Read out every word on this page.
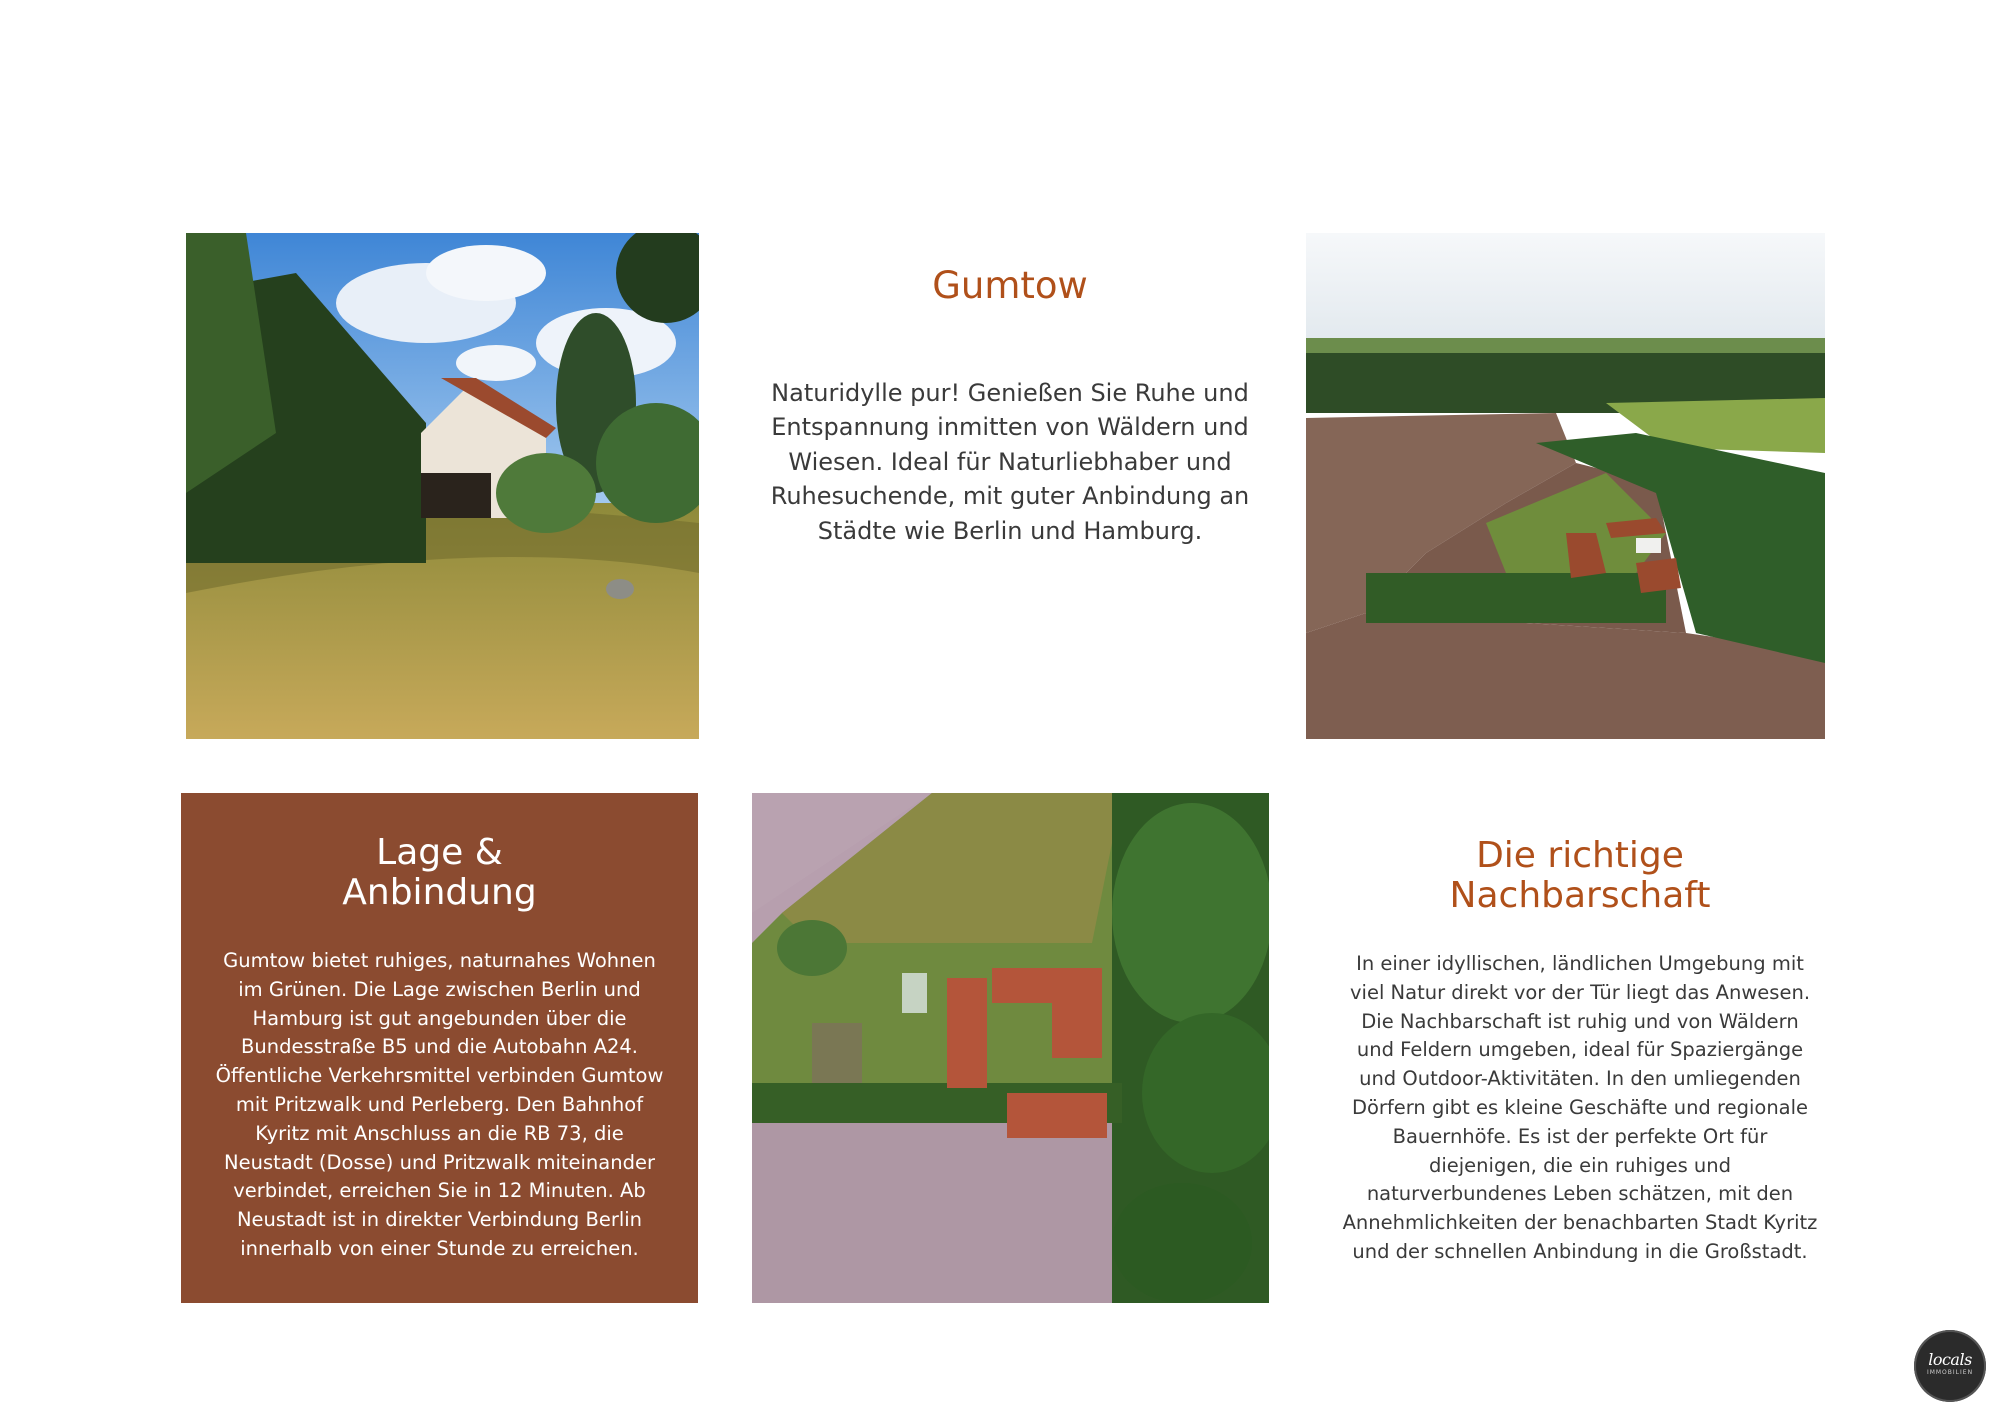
Gumtow

Naturidylle pur! Genießen Sie Ruhe und Entspannung inmitten von Wäldern und Wiesen. Ideal für Naturliebhaber und Ruhesuchende, mit guter Anbindung an Städte wie Berlin und Hamburg.

Lage &
Anbindung

Gumtow bietet ruhiges, naturnahes Wohnen im Grünen. Die Lage zwischen Berlin und Hamburg ist gut angebunden über die Bundesstraße B5 und die Autobahn A24. Öffentliche Verkehrsmittel verbinden Gumtow mit Pritzwalk und Perleberg. Den Bahnhof Kyritz mit Anschluss an die RB 73, die Neustadt (Dosse) und Pritzwalk miteinander verbindet, erreichen Sie in 12 Minuten. Ab Neustadt ist in direkter Verbindung Berlin innerhalb von einer Stunde zu erreichen.

Die richtige
Nachbarschaft

In einer idyllischen, ländlichen Umgebung mit viel Natur direkt vor der Tür liegt das Anwesen. Die Nachbarschaft ist ruhig und von Wäldern und Feldern umgeben, ideal für Spaziergänge und Outdoor-Aktivitäten. In den umliegenden Dörfern gibt es kleine Geschäfte und regionale Bauernhöfe. Es ist der perfekte Ort für diejenigen, die ein ruhiges und naturverbundenes Leben schätzen, mit den Annehmlichkeiten der benachbarten Stadt Kyritz und der schnellen Anbindung in die Großstadt.

locals
IMMOBILIEN
